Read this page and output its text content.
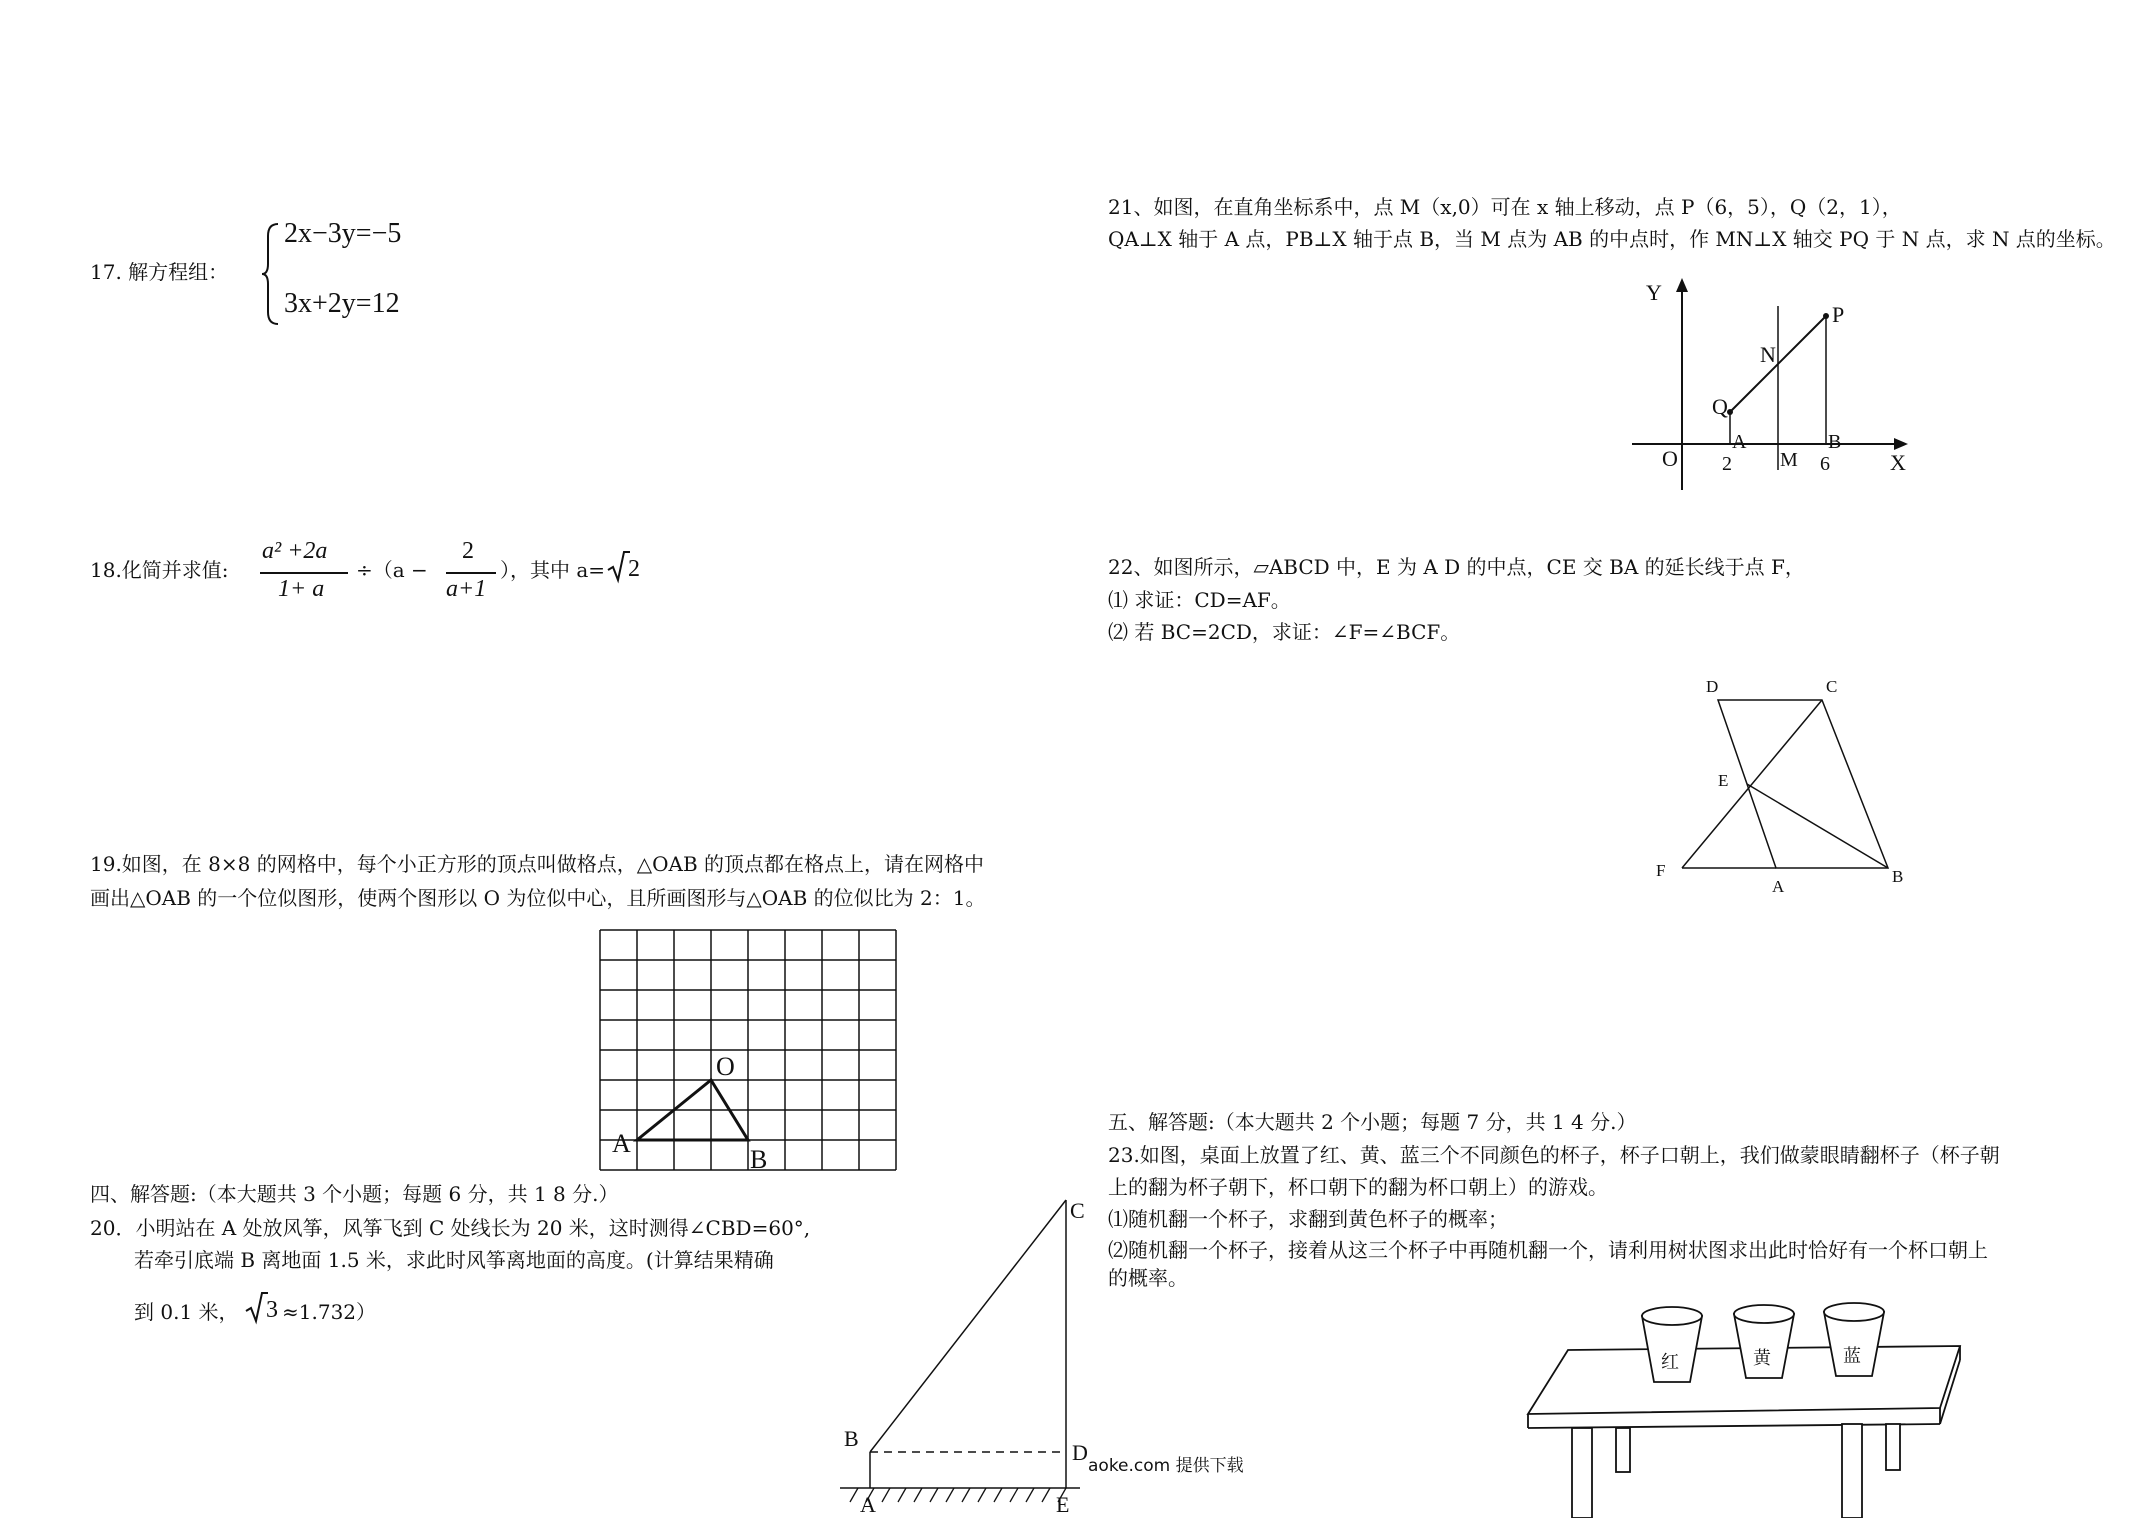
17. 解方程组：
2x−3y=−5
3x+2y=12
18.化简并求值:
a² +2a
1+ a
÷（a −
2
a+1
），其中 a= 2
19.如图，在 8×8 的网格中，每个小正方形的顶点叫做格点，△OAB 的顶点都在格点上，请在网格中
画出△OAB 的一个位似图形，使两个图形以 O 为位似中心，且所画图形与△OAB 的位似比为 2：1。
O
A
B
四、解答题:（本大题共 3 个小题；每题 6 分，共 1 8 分.）
20．小明站在 A 处放风筝，风筝飞到 C 处线长为 20 米，这时测得∠CBD=60°,
若牵引底端 B 离地面 1.5 米，求此时风筝离地面的高度。(计算结果精确
到 0.1 米， 3 ≈1.732）
C
B
D
A	E
aoke.com 提供下载
21、如图，在直角坐标系中，点 M（x,0）可在 x 轴上移动，点 P（6，5），Q（2，1），
QA⊥X 轴于 A 点，PB⊥X 轴于点 B，当 M 点为 AB 的中点时，作 MN⊥X 轴交 PQ 于 N 点，求 N 点的坐标。
Y
X
O
P
Q
N
A
M
B
2	6
22、如图所示，▱ABCD 中，E 为 A D 的中点，CE 交 BA 的延长线于点 F，
⑴ 求证：CD=AF。
⑵ 若 BC=2CD，求证：∠F=∠BCF。
D	C
E
F
A
B
五、解答题:（本大题共 2 个小题；每题 7 分，共 1 4 分.）
23.如图，桌面上放置了红、黄、蓝三个不同颜色的杯子，杯子口朝上，我们做蒙眼睛翻杯子（杯子朝
上的翻为杯子朝下，杯口朝下的翻为杯口朝上）的游戏。
⑴随机翻一个杯子，求翻到黄色杯子的概率；
⑵随机翻一个杯子，接着从这三个杯子中再随机翻一个，请利用树状图求出此时恰好有一个杯口朝上
的概率。
红	黄	蓝
